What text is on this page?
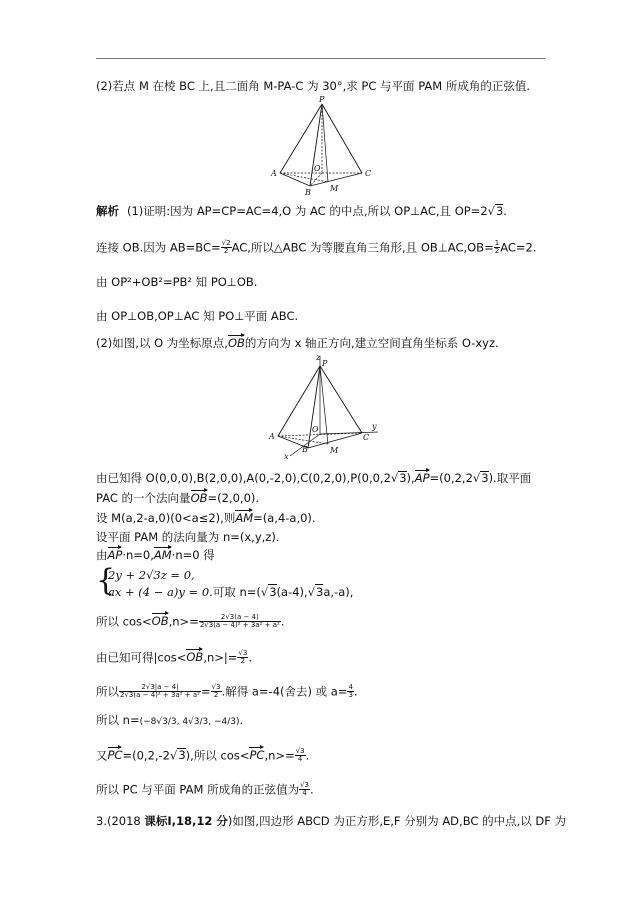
(2)若点 M 在棱 BC 上,且二面角 M-PA-C 为 30°,求 PC 与平面 PAM 所成角的正弦值.
P
A	C
B M
O
解析 (1)证明:因为 AP=CP=AC=4,O 为 AC 的中点,所以 OP⊥AC,且 OP=2√3.
连接 OB.因为 $AB=BC= \frac{√2}{2}$ AC,所以△ABC 为等腰直角三角形,且 OB⊥AC,OB= $\frac{1}{2} AC=2$.
由 OP²+OB²=PB² 知 PO⊥OB.
由 OP⊥OB,OP⊥AC 知 PO⊥平面 ABC.
(2)如图,以 O 为坐标原点,OB的方向为 x 轴正方向,建立空间直角坐标系 O-xyz.
z
P
A	C
y
B
x
M
O
由已知得 O(0,0,0),B(2,0,0),A(0,-2,0),C(0,2,0),P(0,0,2√3),AP=(0,2,2√3).取平面
PAC 的一个法向量OB=(2,0,0).
设 M(a,2-a,0)(0<a≤2),则AM=(a,4-a,0).
设平面 PAM 的法向量为 n=(x,y,z).
由AP·n=0,AM·n=0 得
{
2y + 2√3z = 0,
ax + (4 − a)y = 0.可取 n=(√3(a-4),√3a,-a),
所以 $\cos<OB,n>= \frac{2√3(a - 4)}{\text{2√3(a − 4)² + 3a² + a²}}$ .
由已知可得$|\cos<OB,n>|= \frac{√3}{2}$ .
所以 $\frac{2√3|a - 4|}{\text{2√3(a − 4)² + 3a² + a²}} = \frac{√3}{2}$ .解得 a=-4(舍去) 或 $a= \frac{4}{3}$ .
所以 n=(−8√3/3, 4√3/3, −4/3).
又PC=(0,2,-2√3),所以 $\cos<PC,n>= \frac{√3}{4}$ .
所以 PC 与平面 PAM 所成角的正弦值为 $\frac{√3}{4}$ .
3.(2018 课标Ⅰ,18,12 分)如图,四边形 ABCD 为正方形,E,F 分别为 AD,BC 的中点,以 DF 为
